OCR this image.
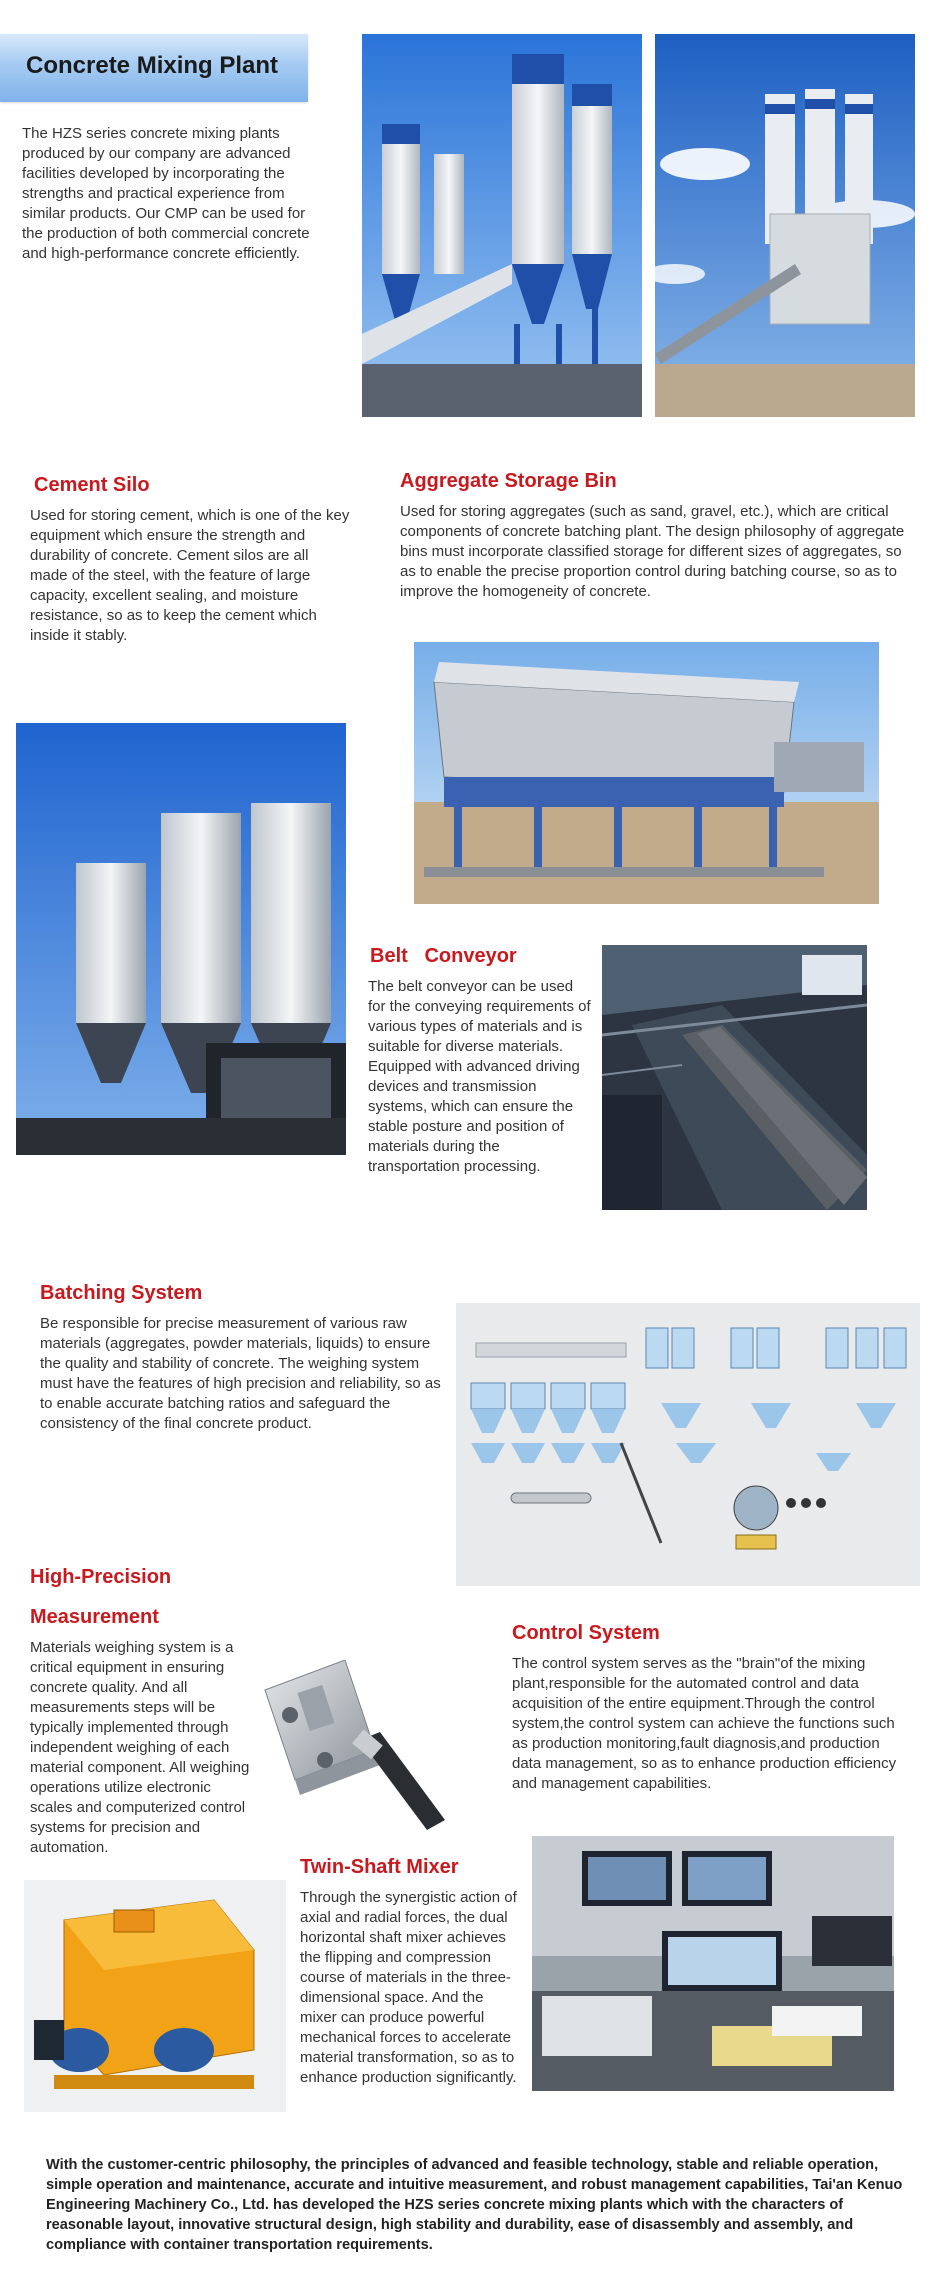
Concrete Mixing Plant
The HZS series concrete mixing plants produced by our company are advanced facilities developed by incorporating the strengths and practical experience from similar products. Our CMP can be used for the production of both commercial concrete and high-performance concrete efficiently.
Cement Silo
Used for storing cement, which is one of the key equipment which ensure the strength and durability of concrete. Cement silos are all made of the steel, with the feature of large capacity, excellent sealing, and moisture resistance, so as to keep the cement which inside it stably.
Aggregate Storage Bin
Used for storing aggregates (such as sand, gravel, etc.), which are critical components of concrete batching plant. The design philosophy of aggregate bins must incorporate classified storage for different sizes of aggregates, so as to enable the precise proportion control during batching course, so as to improve the homogeneity of concrete.
Belt   Conveyor
The belt conveyor can be used for the conveying requirements of various types of materials and is suitable for diverse materials. Equipped with advanced driving devices and transmission systems, which can ensure the stable posture and position of materials during the transportation processing.
Batching System
Be responsible for precise measurement of various raw materials (aggregates, powder materials, liquids) to ensure the quality and stability of concrete. The weighing system must have the features of high precision and reliability, so as to enable accurate batching ratios and safeguard the consistency of the final concrete product.
High-Precision
Measurement
Materials weighing system is a critical equipment in ensuring concrete quality. And all measurements steps will be typically implemented through independent weighing of each material component. All weighing operations utilize electronic scales and computerized control systems for precision and automation.
Control System
The control system serves as the "brain"of the mixing plant,responsible for the automated control and data acquisition of the entire equipment.Through the control system,the control system can achieve the functions such as production monitoring,fault diagnosis,and production data management, so as to enhance production efficiency and management capabilities.
Twin-Shaft Mixer
Through the synergistic action of axial and radial forces, the dual horizontal shaft mixer achieves the flipping and compression course of materials in the three-dimensional space. And the mixer can produce powerful mechanical forces to accelerate material transformation, so as to enhance production significantly.
With the customer-centric philosophy, the principles of advanced and feasible technology, stable and reliable operation, simple operation and maintenance, accurate and intuitive measurement, and robust management capabilities, Tai'an Kenuo Engineering Machinery Co., Ltd. has developed the HZS series concrete mixing plants which with the characters of reasonable layout, innovative structural design, high stability and durability, ease of disassembly and assembly, and compliance with container transportation requirements.
